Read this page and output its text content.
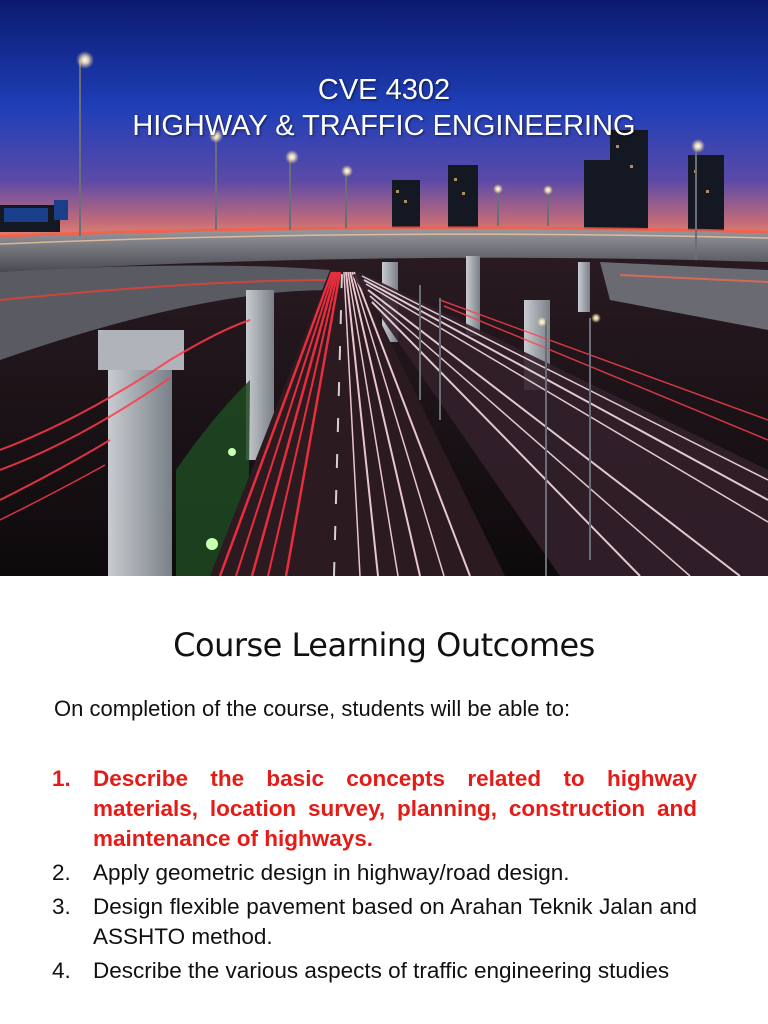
CVE 4302
HIGHWAY & TRAFFIC ENGINEERING
Course Learning Outcomes
On completion of the course, students will be able to:
1. Describe the basic concepts related to highway materials, location survey, planning, construction and maintenance of highways.
2. Apply geometric design in highway/road design.
3. Design flexible pavement based on Arahan Teknik Jalan and ASSHTO method.
4. Describe the various aspects of traffic engineering studies
